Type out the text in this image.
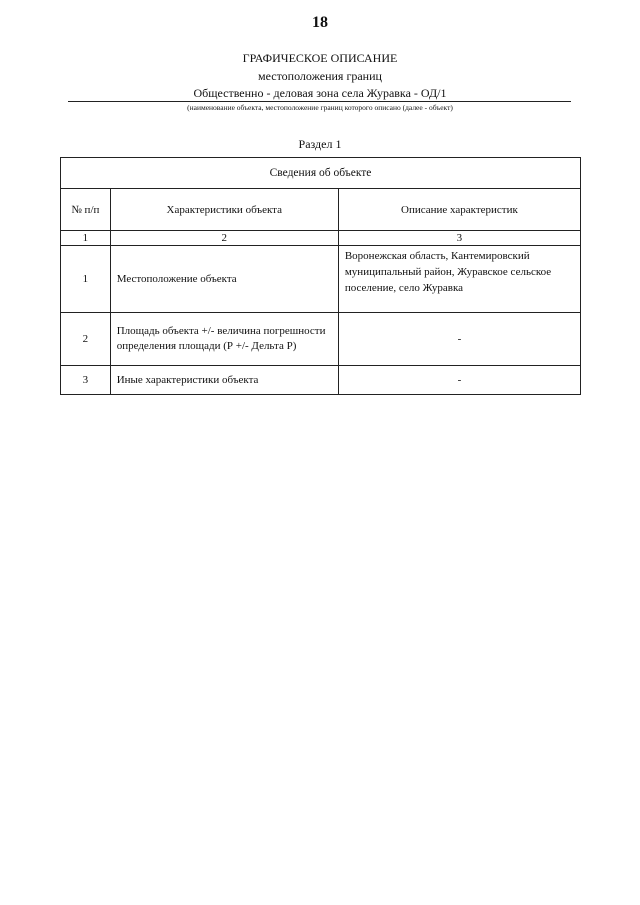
18
ГРАФИЧЕСКОЕ ОПИСАНИЕ
местоположения границ
Общественно - деловая зона села Журавка - ОД/1
(наименование объекта, местоположение границ которого описано (далее - объект)
Раздел 1
Сведения об объекте		
№ п/п	Характеристики объекта	Описание характеристик
1	2	3
1	Местоположение объекта	Воронежская область, Кантемировский муниципальный район, Журавское сельское поселение, село Журавка
2	Площадь объекта +/- величина погрешности определения площади (Р +/- Дельта Р)	-
3	Иные характеристики объекта	-
